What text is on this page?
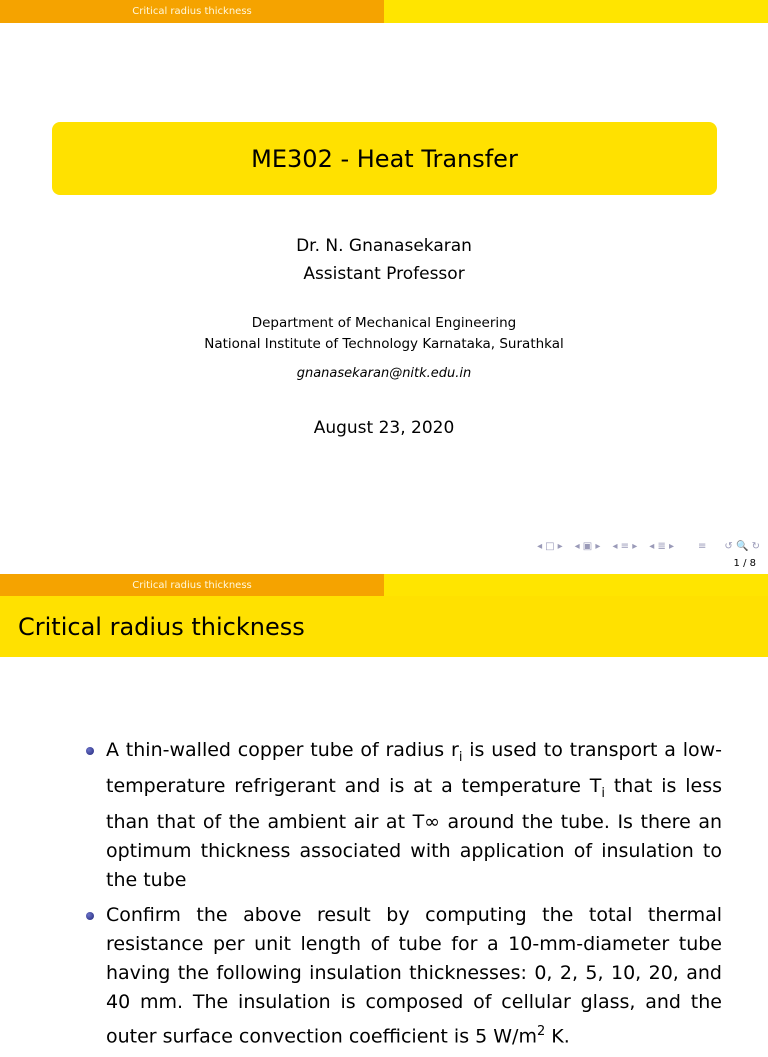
Critical radius thickness
ME302 - Heat Transfer
Dr. N. Gnanasekaran
Assistant Professor
Department of Mechanical Engineering
National Institute of Technology Karnataka, Surathkal
gnanasekaran@nitk.edu.in
August 23, 2020
◂ □ ▸ ◂ ▣ ▸ ◂ ≡ ▸ ◂ ≣ ▸ ≡ ↺ 🔍 ↻
1 / 8
Critical radius thickness
Critical radius thickness
A thin-walled copper tube of radius $r_i$ is used to transport a low-temperature refrigerant and is at a temperature $T_i$ that is less than that of the ambient air at T∞ around the tube. Is there an optimum thickness associated with application of insulation to the tube
Confirm the above result by computing the total thermal resistance per unit length of tube for a 10-mm-diameter tube having the following insulation thicknesses: 0, 2, 5, 10, 20, and 40 mm. The insulation is composed of cellular glass, and the outer surface convection coefficient is 5 $W/m^2$ K.
